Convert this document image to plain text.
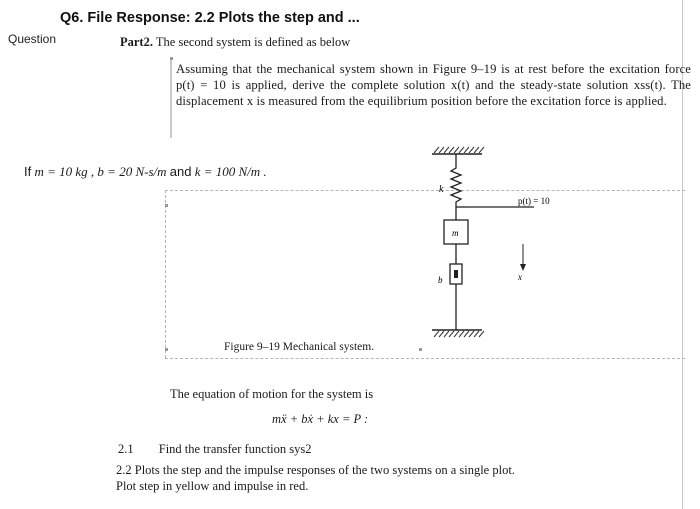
Q6. File Response: 2.2 Plots the step and ...
Question	Part2. The second system is defined as below
Assuming that the mechanical system shown in Figure 9–19 is at rest before the excitation force p(t) = 10 is applied, derive the complete solution x(t) and the steady-state solution xss(t). The displacement x is measured from the equilibrium position before the excitation force is applied.
If m = 10 kg , b = 20 N-s/m and k = 100 N/m .
k
m
b	x
p(t) = 10
Figure 9–19 Mechanical system.
The equation of motion for the system is
mẍ + bẋ + kx = P :
2.1 Find the transfer function sys2
2.2 Plots the step and the impulse responses of the two systems on a single plot. Plot step in yellow and impulse in red.
